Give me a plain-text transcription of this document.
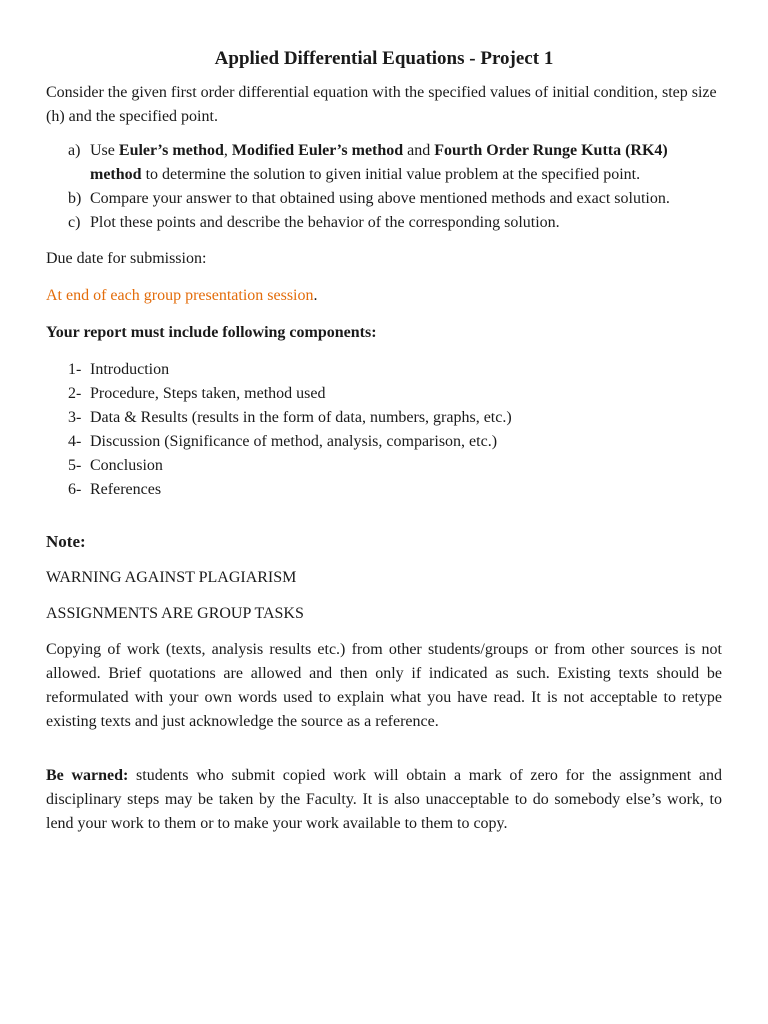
Applied Differential Equations - Project 1

Consider the given first order differential equation with the specified values of initial condition, step size (h) and the specified point.

a) Use Euler’s method, Modified Euler’s method and Fourth Order Runge Kutta (RK4) method to determine the solution to given initial value problem at the specified point.
b) Compare your answer to that obtained using above mentioned methods and exact solution.
c) Plot these points and describe the behavior of the corresponding solution.

Due date for submission:

At end of each group presentation session.

Your report must include following components:

1- Introduction
2- Procedure, Steps taken, method used
3- Data & Results (results in the form of data, numbers, graphs, etc.)
4- Discussion (Significance of method, analysis, comparison, etc.)
5- Conclusion
6- References

Note:

WARNING AGAINST PLAGIARISM

ASSIGNMENTS ARE GROUP TASKS

Copying of work (texts, analysis results etc.) from other students/groups or from other sources is not allowed. Brief quotations are allowed and then only if indicated as such. Existing texts should be reformulated with your own words used to explain what you have read. It is not acceptable to retype existing texts and just acknowledge the source as a reference.

Be warned: students who submit copied work will obtain a mark of zero for the assignment and disciplinary steps may be taken by the Faculty. It is also unacceptable to do somebody else’s work, to lend your work to them or to make your work available to them to copy.
